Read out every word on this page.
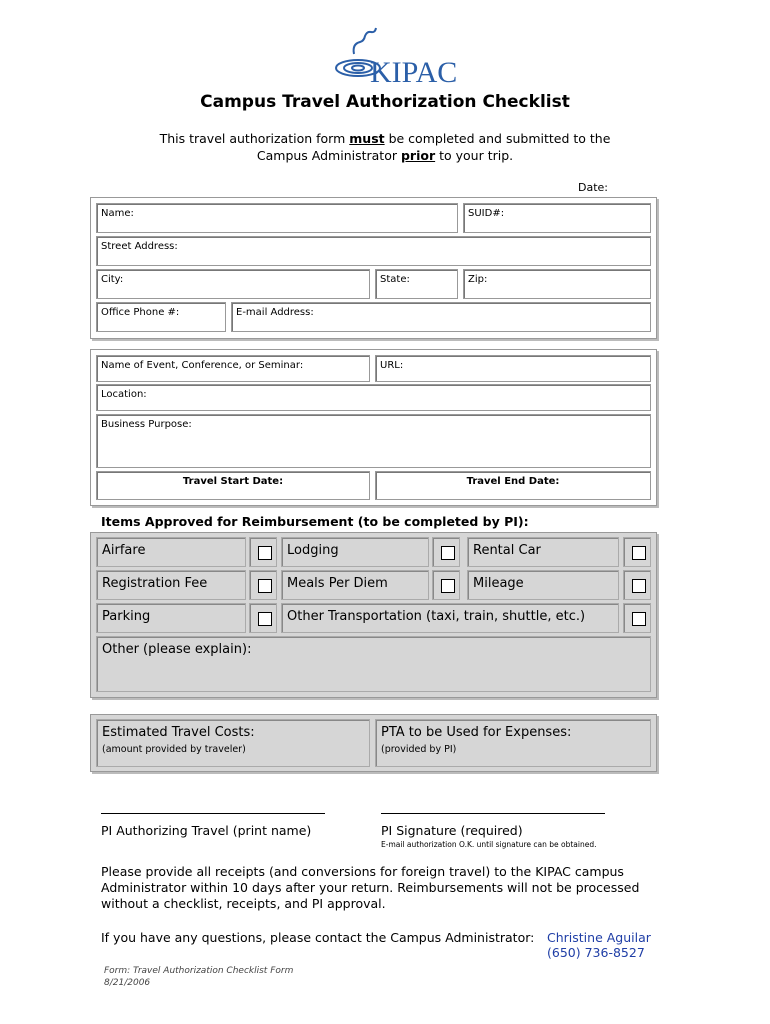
KIPAC
Campus Travel Authorization Checklist
This travel authorization form must be completed and submitted to the
Campus Administrator prior to your trip.
Date:
Name:	SUID#:
Street Address:
City:	State:	Zip:
Office Phone #:	E-mail Address:
Name of Event, Conference, or Seminar:	URL:
Location:
Business Purpose:
Travel Start Date:	Travel End Date:
Items Approved for Reimbursement (to be completed by PI):
Airfare	Lodging	Rental Car
Registration Fee	Meals Per Diem	Mileage
Parking	Other Transportation (taxi, train, shuttle, etc.)
Other (please explain):
Estimated Travel Costs:
(amount provided by traveler)
PTA to be Used for Expenses:
(provided by PI)
PI Authorizing Travel (print name)	PI Signature (required)
E-mail authorization O.K. until signature can be obtained.
Please provide all receipts (and conversions for foreign travel) to the KIPAC campus Administrator within 10 days after your return. Reimbursements will not be processed without a checklist, receipts, and PI approval.
If you have any questions, please contact the Campus Administrator:	Christine Aguilar
(650) 736-8527
Form: Travel Authorization Checklist Form
8/21/2006
